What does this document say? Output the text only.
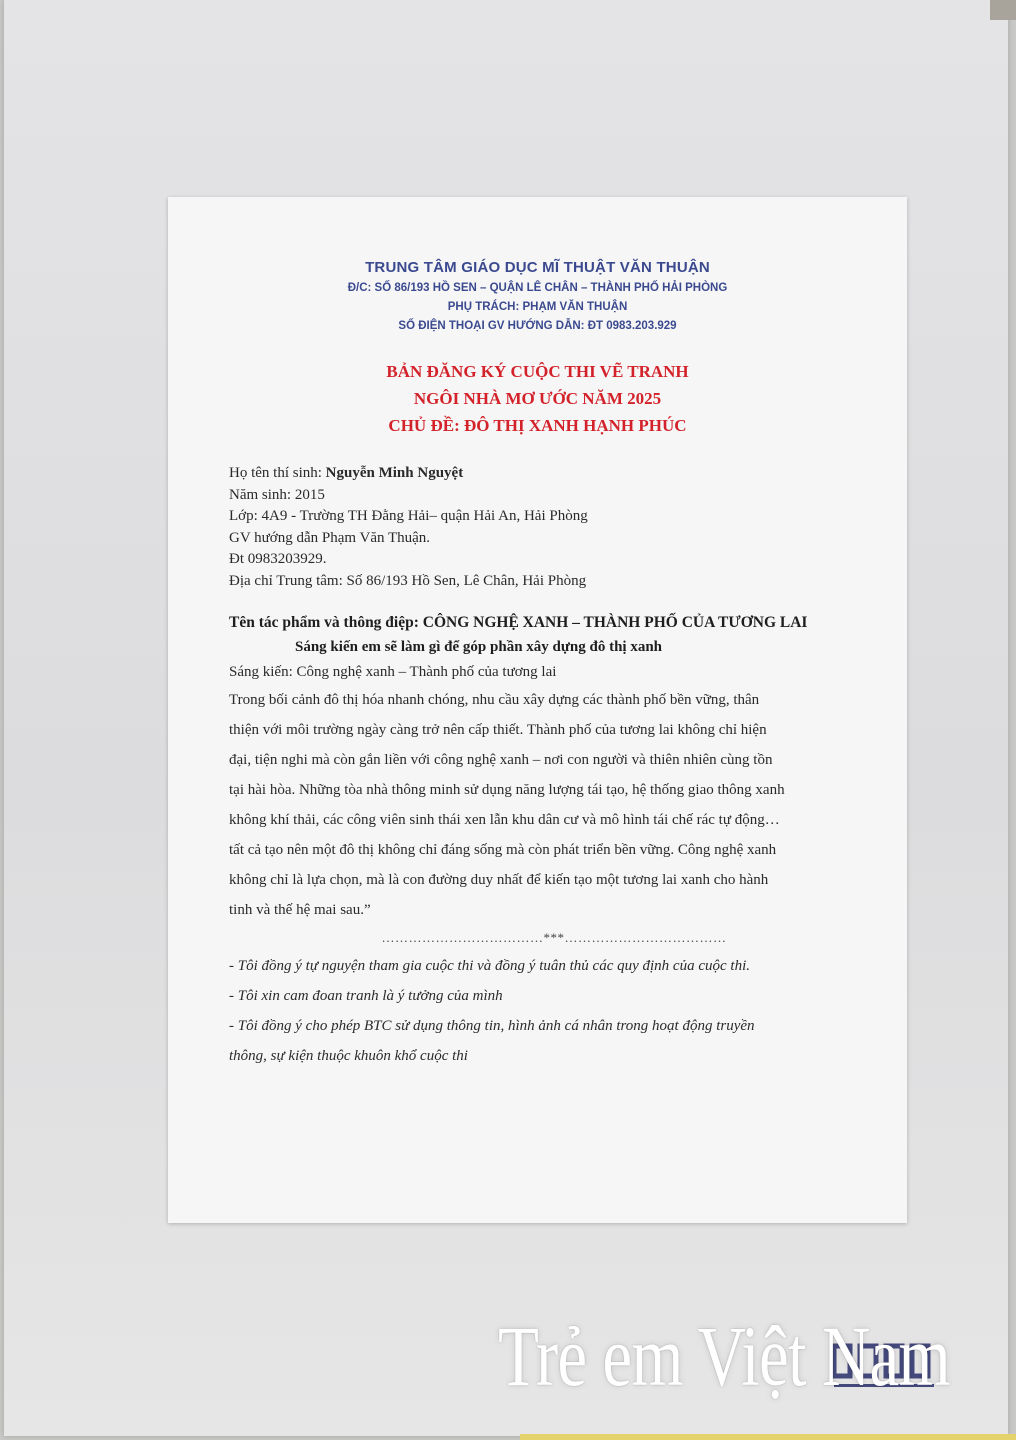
TRUNG TÂM GIÁO DỤC MĨ THUẬT VĂN THUẬN
Đ/C: SỐ 86/193 HỒ SEN – QUẬN LÊ CHÂN – THÀNH PHỐ HẢI PHÒNG
PHỤ TRÁCH: PHẠM VĂN THUẬN
SỐ ĐIỆN THOẠI GV HƯỚNG DẪN: ĐT 0983.203.929
BẢN ĐĂNG KÝ CUỘC THI VẼ TRANH
NGÔI NHÀ MƠ ƯỚC NĂM 2025
CHỦ ĐỀ: ĐÔ THỊ XANH HẠNH PHÚC
Họ tên thí sinh: Nguyễn Minh Nguyệt
Năm sinh: 2015
Lớp: 4A9 - Trường TH Đằng Hải– quận Hải An, Hải Phòng
GV hướng dẫn Phạm Văn Thuận.
Đt 0983203929.
Địa chỉ Trung tâm: Số 86/193 Hồ Sen, Lê Chân, Hải Phòng
Tên tác phẩm và thông điệp: CÔNG NGHỆ XANH – THÀNH PHỐ CỦA TƯƠNG LAI
Sáng kiến em sẽ làm gì để góp phần xây dựng đô thị xanh
Sáng kiến: Công nghệ xanh – Thành phố của tương lai

Trong bối cảnh đô thị hóa nhanh chóng, nhu cầu xây dựng các thành phố bền vững, thân
thiện với môi trường ngày càng trở nên cấp thiết. Thành phố của tương lai không chỉ hiện
đại, tiện nghi mà còn gắn liền với công nghệ xanh – nơi con người và thiên nhiên cùng tồn
tại hài hòa. Những tòa nhà thông minh sử dụng năng lượng tái tạo, hệ thống giao thông xanh
không khí thải, các công viên sinh thái xen lẫn khu dân cư và mô hình tái chế rác tự động…
tất cả tạo nên một đô thị không chỉ đáng sống mà còn phát triển bền vững. Công nghệ xanh
không chỉ là lựa chọn, mà là con đường duy nhất để kiến tạo một tương lai xanh cho hành
tinh và thế hệ mai sau.”

………………………………***………………………………
- Tôi đồng ý tự nguyện tham gia cuộc thi và đồng ý tuân thủ các quy định của cuộc thi.
- Tôi xin cam đoan tranh là ý tưởng của mình
- Tôi đồng ý cho phép BTC sử dụng thông tin, hình ảnh cá nhân trong hoạt động truyền
thông, sự kiện thuộc khuôn khổ cuộc thi
Trẻ em Việt Nam
